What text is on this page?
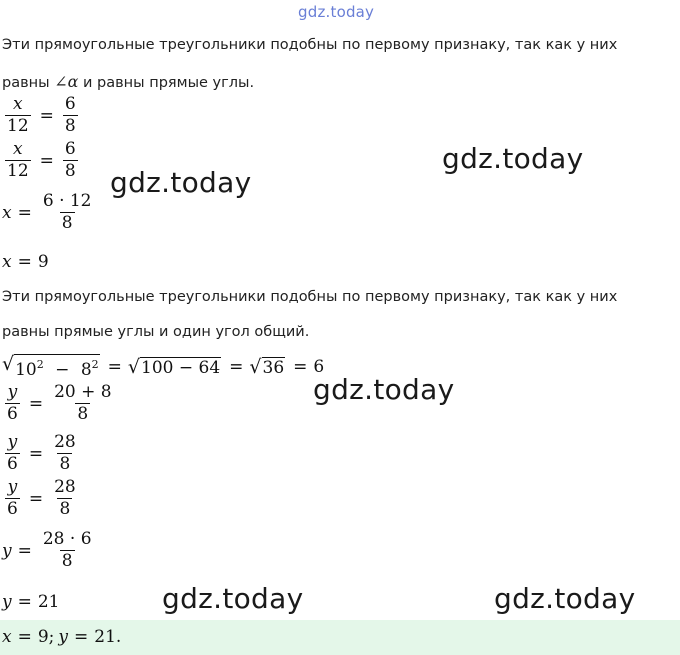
gdz.today

Эти прямоугольные треугольники подобны по первому признаку, так как у них

равны ∠α и равны прямые углы.

$\frac{x}{12} = \frac{6}{8}$
$\frac{x}{12} = \frac{6}{8}$
$x = \frac{6 \cdot 12}{8}$
x = 9

Эти прямоугольные треугольники подобны по первому признаку, так как у них

равны прямые углы и один угол общий.

√ $10^2 - 8^2$ = √ 100 − 64 = √ 36 = 6
$\frac{y}{6} = \frac{20 + 8}{8}$
$\frac{y}{6} = \frac{28}{8}$
$\frac{y}{6} = \frac{28}{8}$
$y = \frac{28 \cdot 6}{8}$
y = 21
x = 9; y = 21.
gdz.today
gdz.today
gdz.today
gdz.today	gdz.today
